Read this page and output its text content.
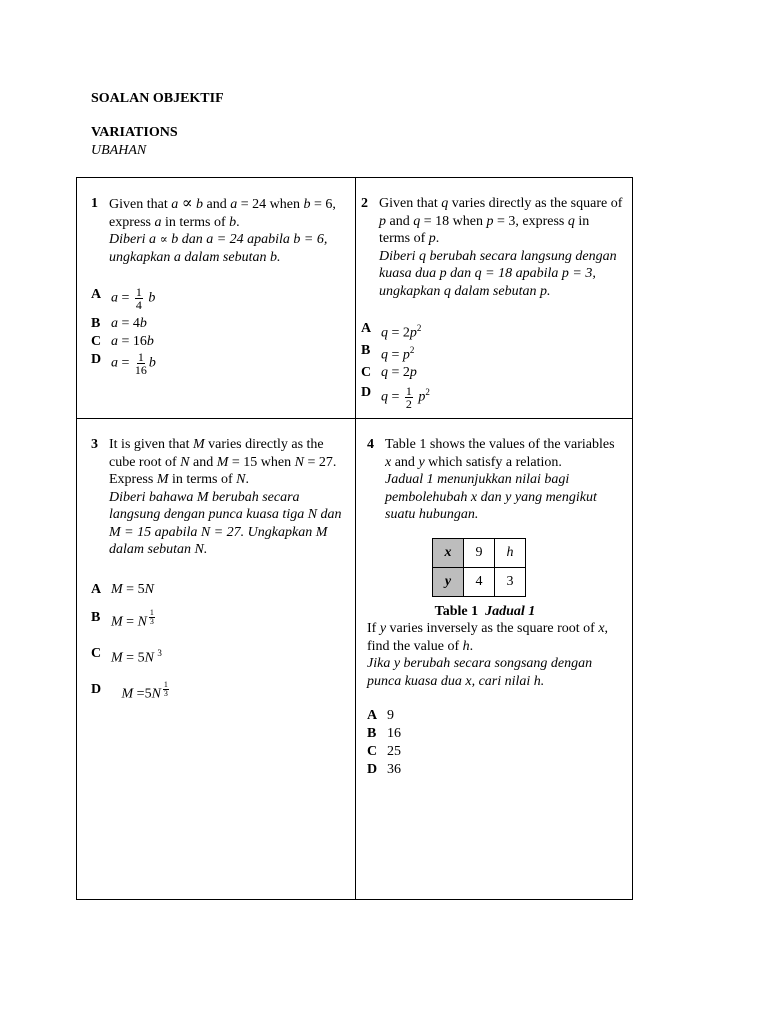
SOALAN OBJEKTIF
VARIATIONS
UBAHAN
1 Given that a ∝ b and a = 24 when b = 6, express a in terms of b.
Diberi a ∝ b dan a = 24 apabila b = 6, ungkapkan a dalam sebutan b.
A $a = \frac{1}{4}$ b
B a = 4b
C a = 16b
D $a = \frac{1}{16}$ b
2 Given that q varies directly as the square of p and q = 18 when p = 3, express q in terms of p.
Diberi q berubah secara langsung dengan kuasa dua p dan q = 18 apabila p = 3, ungkapkan q dalam sebutan p.
A $q = 2p^2$
B $q = p^2$
C q = 2p
D $q = \frac{1}{2} p^2$
3 It is given that M varies directly as the cube root of N and M = 15 when N = 27. Express M in terms of N.
Diberi bahawa M berubah secara langsung dengan punca kuasa tiga N dan M = 15 apabila N = 27. Ungkapkan M dalam sebutan N.
A M = 5N
B M = N $^{\frac{1}{3}}$
C M = 5N $^3$
D M =5N $^{\frac{1}{3}}$
4 Table 1 shows the values of the variables x and y which satisfy a relation.
Jadual 1 menunjukkan nilai bagi pembolehubah x dan y yang mengikut suatu hubungan.
x	9	h
y	4	3
Table 1 Jadual 1
If y varies inversely as the square root of x, find the value of h.
Jika y berubah secara songsang dengan punca kuasa dua x, cari nilai h.
A 9
B 16
C 25
D 36
